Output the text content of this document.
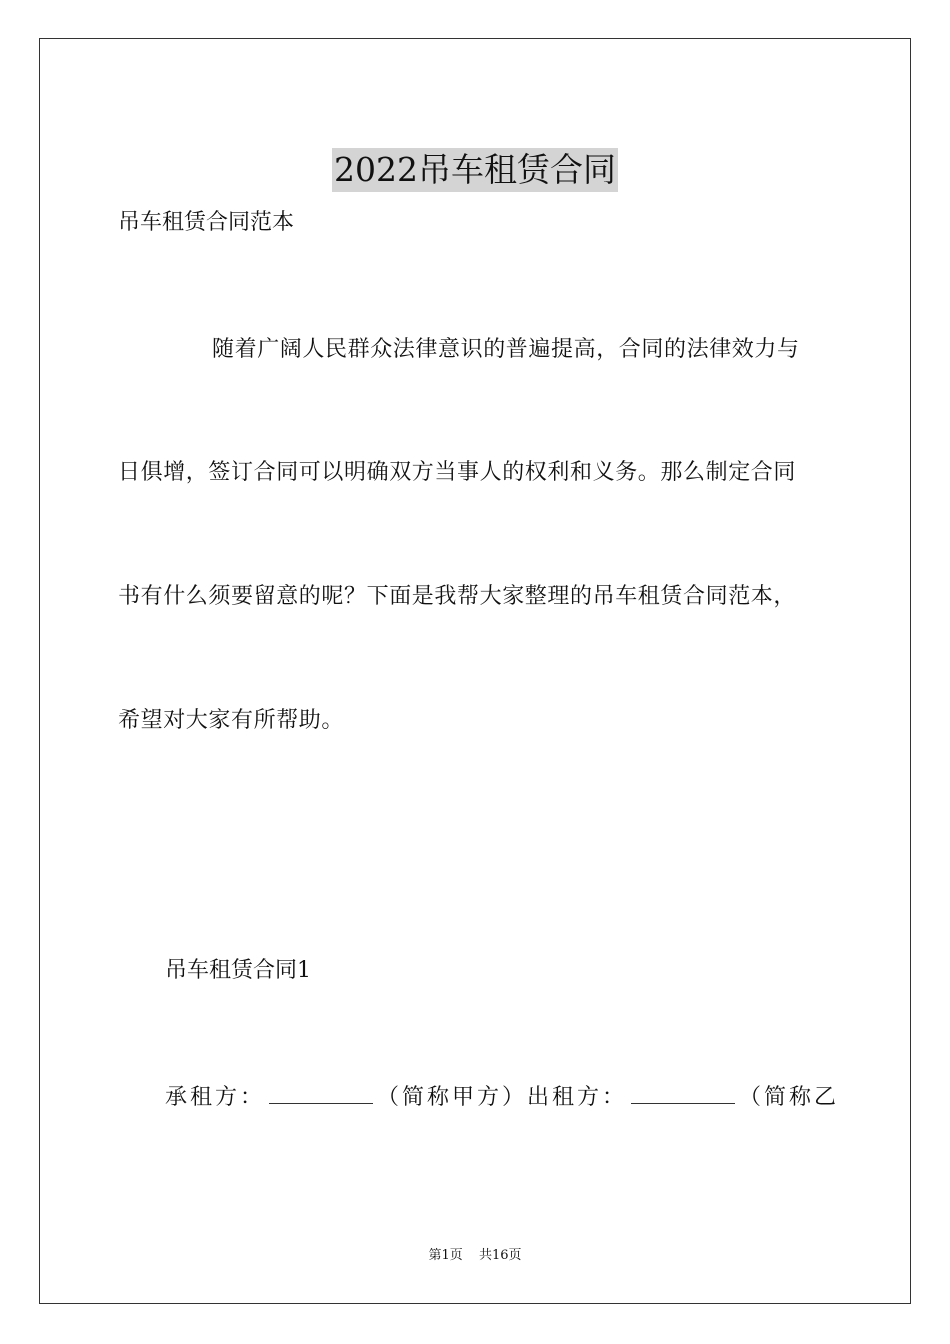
2022吊车租赁合同
吊车租赁合同范本
随着广阔人民群众法律意识的普遍提高，合同的法律效力与
日俱增，签订合同可以明确双方当事人的权利和义务。那么制定合同
书有什么须要留意的呢？下面是我帮大家整理的吊车租赁合同范本，
希望对大家有所帮助。
吊车租赁合同1
承租方：	（简称甲方）出租方：	（简称乙
第1页 共16页
